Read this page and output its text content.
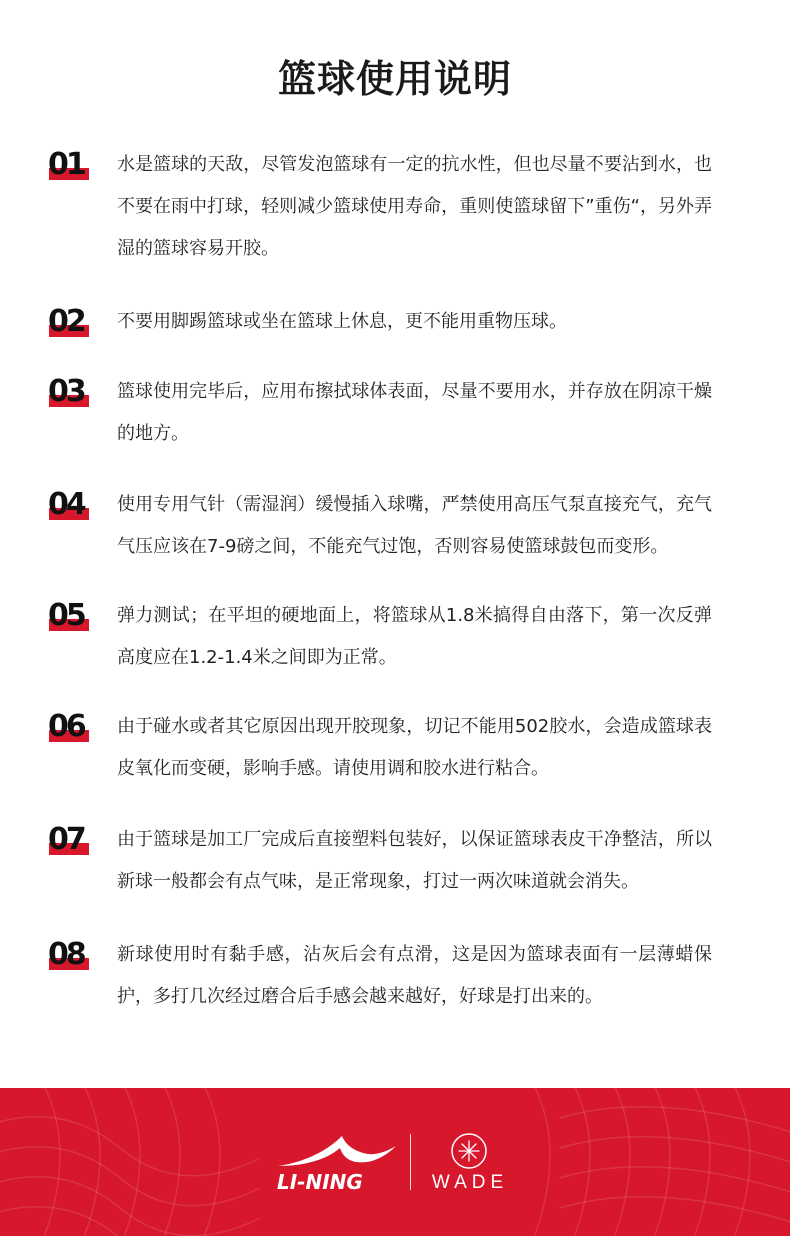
篮球使用说明
01 水是篮球的天敌，尽管发泡篮球有一定的抗水性，但也尽量不要沾到水，也不要在雨中打球，轻则减少篮球使用寿命，重则使篮球留下”重伤“，另外弄湿的篮球容易开胶。

02 不要用脚踢篮球或坐在篮球上休息，更不能用重物压球。

03 篮球使用完毕后，应用布擦拭球体表面，尽量不要用水，并存放在阴凉干燥的地方。

04 使用专用气针（需湿润）缓慢插入球嘴，严禁使用高压气泵直接充气，充气气压应该在7-9磅之间，不能充气过饱，否则容易使篮球鼓包而变形。

05 弹力测试；在平坦的硬地面上，将篮球从1.8米搞得自由落下，第一次反弹高度应在1.2-1.4米之间即为正常。

06 由于碰水或者其它原因出现开胶现象，切记不能用502胶水，会造成篮球表皮氧化而变硬，影响手感。请使用调和胶水进行粘合。

07 由于篮球是加工厂完成后直接塑料包装好，以保证篮球表皮干净整洁，所以新球一般都会有点气味，是正常现象，打过一两次味道就会消失。

08 新球使用时有黏手感，沾灰后会有点滑，这是因为篮球表面有一层薄蜡保护，多打几次经过磨合后手感会越来越好，好球是打出来的。

LI-NING	WADE
